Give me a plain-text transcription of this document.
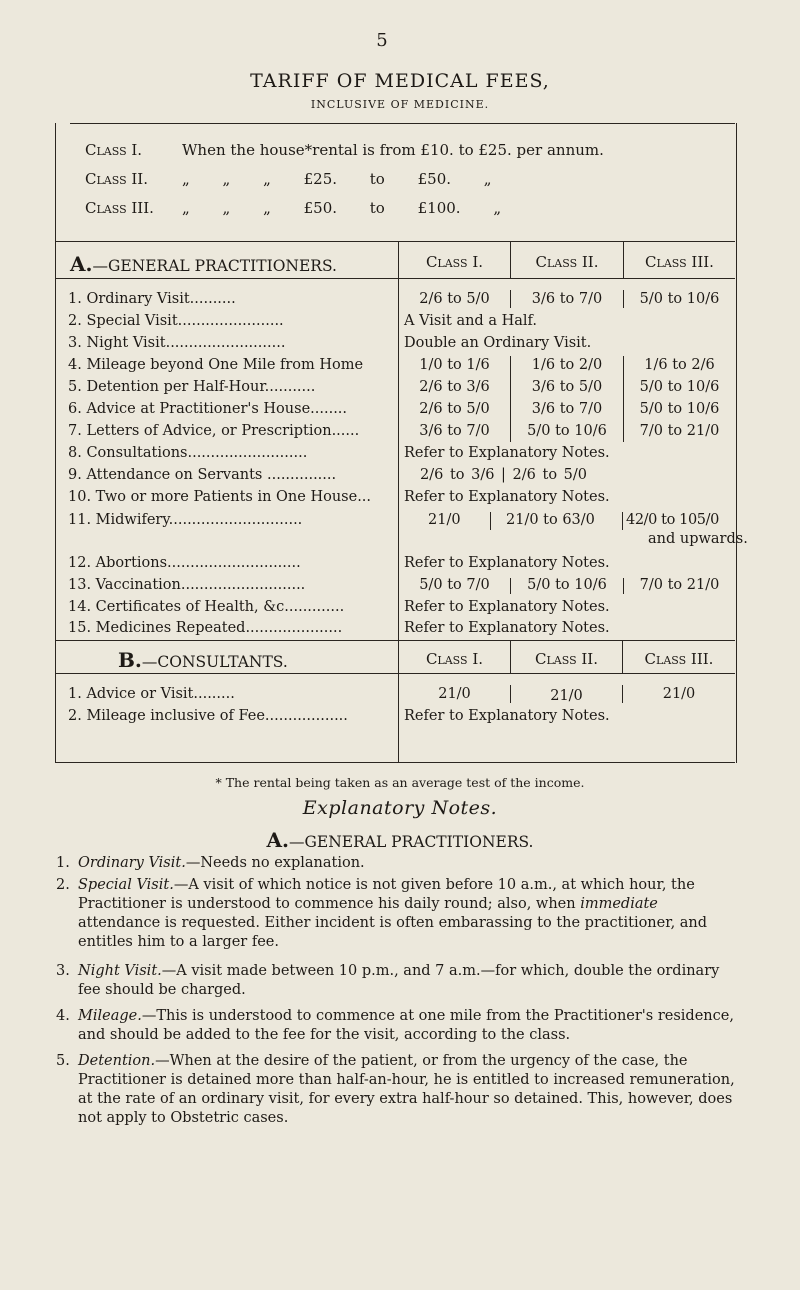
5
TARIFF OF MEDICAL FEES,
INCLUSIVE OF MEDICINE.
Class I.	When the house*rental is from £10. to £25. per annum.
Class II. „ „ „ £25. to £50. „
Class III. „ „ „ £50. to £100. „
A.—GENERAL PRACTITIONERS.	Class I.	Class II.	Class III.
1. Ordinary Visit..........	2/6 to 5/0	3/6 to 7/0	5/0 to 10/6
2. Special Visit.......................	A Visit and a Half.
3. Night Visit..........................	Double an Ordinary Visit.
4. Mileage beyond One Mile from Home	1/0 to 1/6	1/6 to 2/0	1/6 to 2/6
5. Detention per Half-Hour...........	2/6 to 3/6	3/6 to 5/0	5/0 to 10/6
6. Advice at Practitioner's House........	2/6 to 5/0	3/6 to 7/0	5/0 to 10/6
7. Letters of Advice, or Prescription......	3/6 to 7/0	5/0 to 10/6	7/0 to 21/0
8. Consultations..........................	Refer to Explanatory Notes.
9. Attendance on Servants ...............	2/6 to 3/6 | 2/6 to 5/0
10. Two or more Patients in One House... Refer to Explanatory Notes.
11. Midwifery.............................	21/0	21/0 to 63/0 42/0 to 105/0
and upwards.
12. Abortions.............................	Refer to Explanatory Notes.
13. Vaccination...........................	5/0 to 7/0	5/0 to 10/6	7/0 to 21/0
14. Certificates of Health, &c.............	Refer to Explanatory Notes.
15. Medicines Repeated.....................	Refer to Explanatory Notes.
B.—CONSULTANTS.	Class I.	Class II.	Class III.
1. Advice or Visit.........	21/0	21/0	21/0
2. Mileage inclusive of Fee..................	Refer to Explanatory Notes.
* The rental being taken as an average test of the income.
Explanatory Notes.
A.—GENERAL PRACTITIONERS.
1. Ordinary Visit.—Needs no explanation.
2. Special Visit.—A visit of which notice is not given before 10 a.m., at which hour, the Practitioner is understood to commence his daily round; also, when immediate attendance is requested. Either incident is often embarassing to the practitioner, and entitles him to a larger fee.
3. Night Visit.—A visit made between 10 p.m., and 7 a.m.—for which, double the ordinary fee should be charged.
4. Mileage.—This is understood to commence at one mile from the Practitioner's residence, and should be added to the fee for the visit, according to the class.
5. Detention.—When at the desire of the patient, or from the urgency of the case, the Practitioner is detained more than half-an-hour, he is entitled to increased remuneration, at the rate of an ordinary visit, for every extra half-hour so detained. This, however, does not apply to Obstetric cases.
